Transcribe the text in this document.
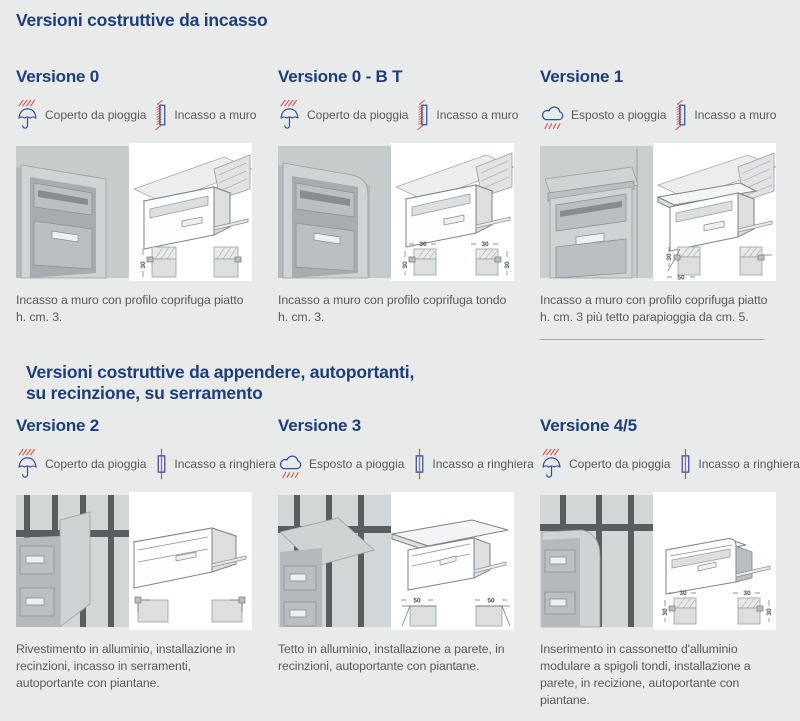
Versioni costruttive da incasso
Versione 0
Coperto da pioggia Incasso a muro
30

Incasso a muro con profilo coprifuga piatto h. cm. 3.

Versione 0 - B T
Coperto da pioggia Incasso a muro
30
30
30
30

Incasso a muro con profilo coprifuga tondo h. cm. 3.

Versione 1
Esposto a pioggia Incasso a muro
30
50

Incasso a muro con profilo coprifuga piatto h. cm. 3 più tetto parapioggia da cm. 5.

Versioni costruttive da appendere, autoportanti,
su recinzione, su serramento
Versione 2
Coperto da pioggia Incasso a ringhiera

Rivestimento in alluminio, installazione in recinzioni, incasso in serramenti, autoportante con piantane.

Versione 3
Esposto a pioggia Incasso a ringhiera
50	50

Tetto in alluminio, installazione a parete, in recinzioni, autoportante con piantane.

Versione 4/5
Coperto da pioggia Incasso a ringhiera
30
30
30
30

Inserimento in cassonetto d'alluminio modulare a spigoli tondi, installazione a parete, in recizione, autoportante con piantane.
